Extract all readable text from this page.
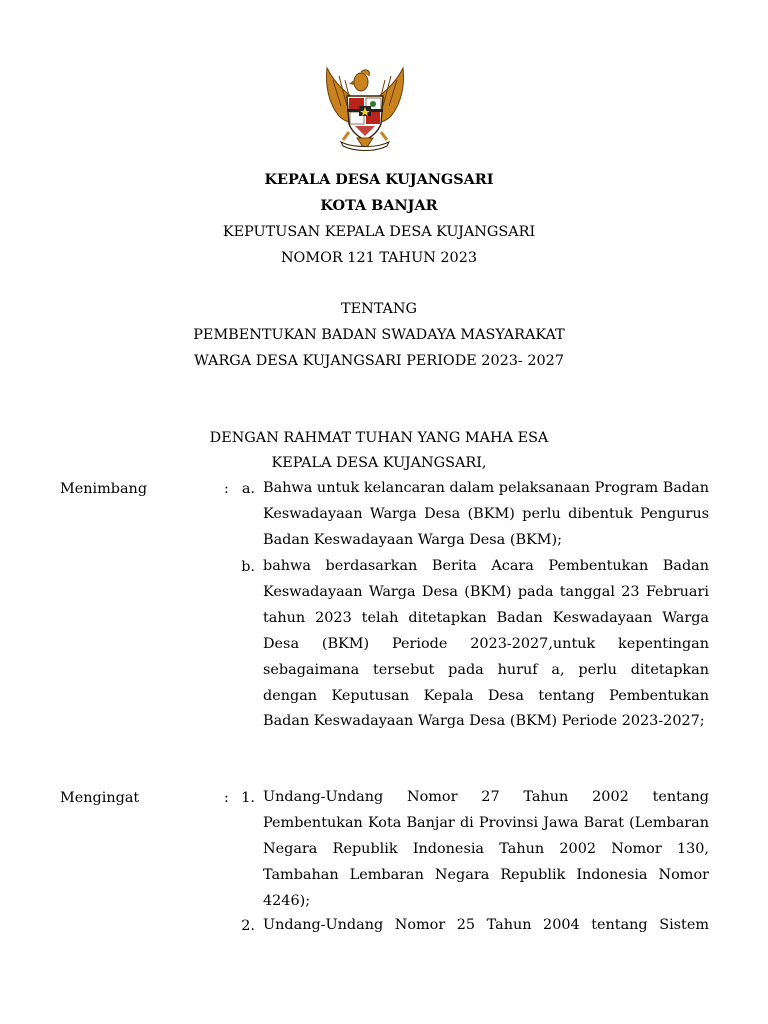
KEPALA DESA KUJANGSARI
KOTA BANJAR
KEPUTUSAN KEPALA DESA KUJANGSARI
NOMOR 121 TAHUN 2023
TENTANG
PEMBENTUKAN BADAN SWADAYA MASYARAKAT
WARGA DESA KUJANGSARI PERIODE 2023- 2027
DENGAN RAHMAT TUHAN YANG MAHA ESA
KEPALA DESA KUJANGSARI,
Menimbang	: a. Bahwa untuk kelancaran dalam pelaksanaan Program Badan Keswadayaan Warga Desa (BKM) perlu dibentuk Pengurus Badan Keswadayaan Warga Desa (BKM);

b. bahwa berdasarkan Berita Acara Pembentukan Badan Keswadayaan Warga Desa (BKM) pada tanggal 23 Februari tahun 2023 telah ditetapkan Badan Keswadayaan Warga Desa (BKM) Periode 2023-2027,untuk kepentingan sebagaimana tersebut pada huruf a, perlu ditetapkan dengan Keputusan Kepala Desa tentang Pembentukan Badan Keswadayaan Warga Desa (BKM) Periode 2023-2027;

Mengingat	: 1. Undang-Undang Nomor 27 Tahun 2002 tentang Pembentukan Kota Banjar di Provinsi Jawa Barat (Lembaran Negara Republik Indonesia Tahun 2002 Nomor 130, Tambahan Lembaran Negara Republik Indonesia Nomor 4246);

2. Undang-Undang Nomor 25 Tahun 2004 tentang Sistem
